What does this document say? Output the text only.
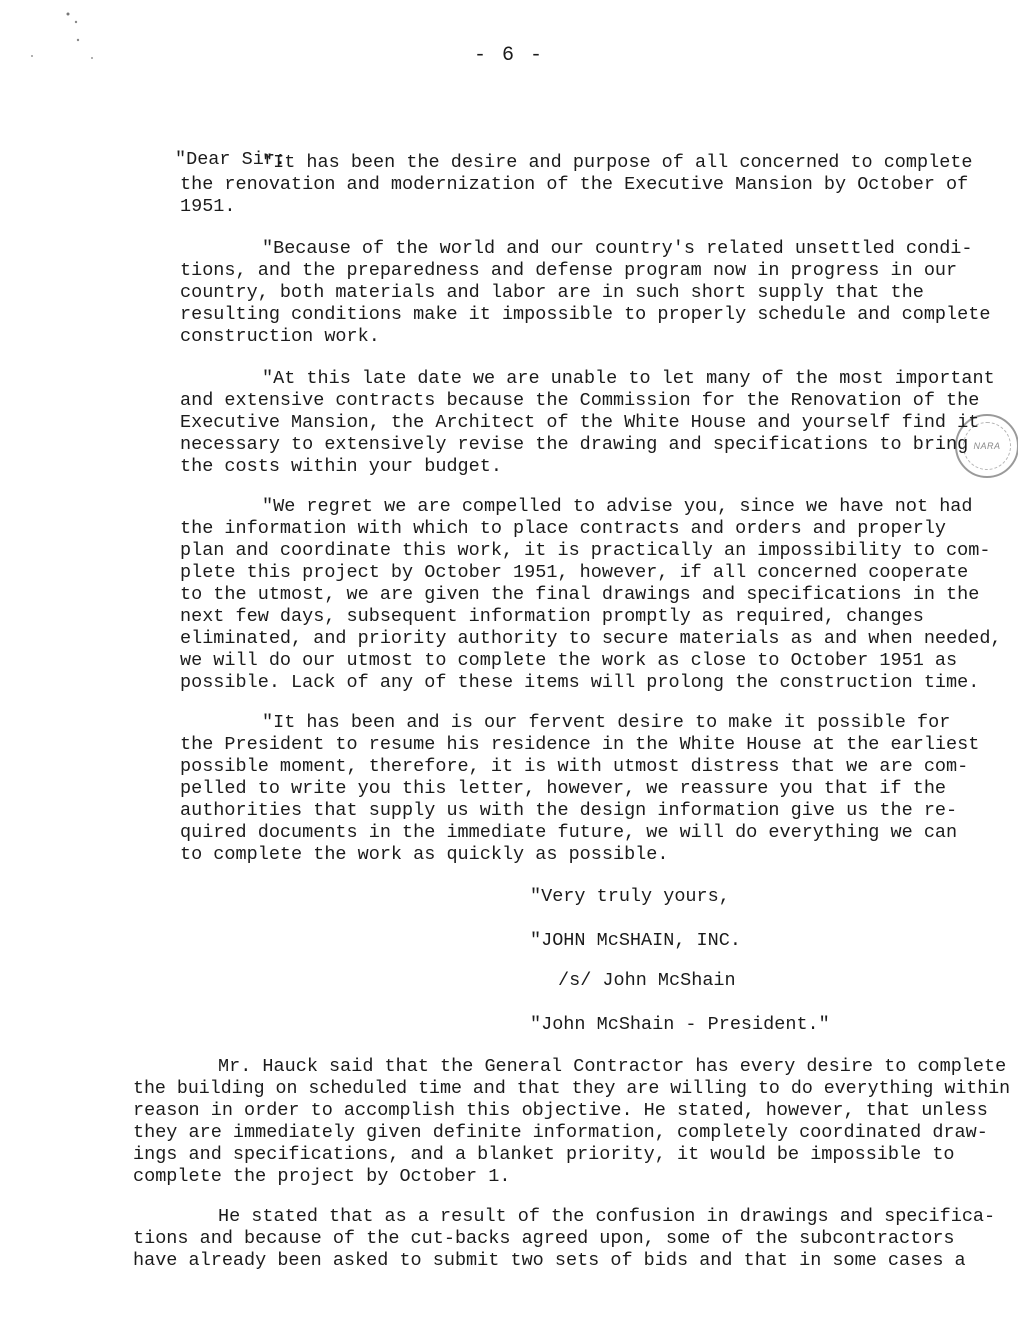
- 6 -
NARA
"Dear Sir:
"It has been the desire and purpose of all concerned to complete
the renovation and modernization of the Executive Mansion by October of
1951.
"Because of the world and our country's related unsettled condi-
tions, and the preparedness and defense program now in progress in our
country, both materials and labor are in such short supply that the
resulting conditions make it impossible to properly schedule and complete
construction work.
"At this late date we are unable to let many of the most important
and extensive contracts because the Commission for the Renovation of the
Executive Mansion, the Architect of the White House and yourself find it
necessary to extensively revise the drawing and specifications to bring
the costs within your budget.
"We regret we are compelled to advise you, since we have not had
the information with which to place contracts and orders and properly
plan and coordinate this work, it is practically an impossibility to com-
plete this project by October 1951, however, if all concerned cooperate
to the utmost, we are given the final drawings and specifications in the
next few days, subsequent information promptly as required, changes
eliminated, and priority authority to secure materials as and when needed,
we will do our utmost to complete the work as close to October 1951 as
possible. Lack of any of these items will prolong the construction time.
"It has been and is our fervent desire to make it possible for
the President to resume his residence in the White House at the earliest
possible moment, therefore, it is with utmost distress that we are com-
pelled to write you this letter, however, we reassure you that if the
authorities that supply us with the design information give us the re-
quired documents in the immediate future, we will do everything we can
to complete the work as quickly as possible.
"Very truly yours,
"JOHN McSHAIN, INC.
/s/ John McShain
"John McShain - President."
Mr. Hauck said that the General Contractor has every desire to complete
the building on scheduled time and that they are willing to do everything within
reason in order to accomplish this objective. He stated, however, that unless
they are immediately given definite information, completely coordinated draw-
ings and specifications, and a blanket priority, it would be impossible to
complete the project by October 1.
He stated that as a result of the confusion in drawings and specifica-
tions and because of the cut-backs agreed upon, some of the subcontractors
have already been asked to submit two sets of bids and that in some cases a
